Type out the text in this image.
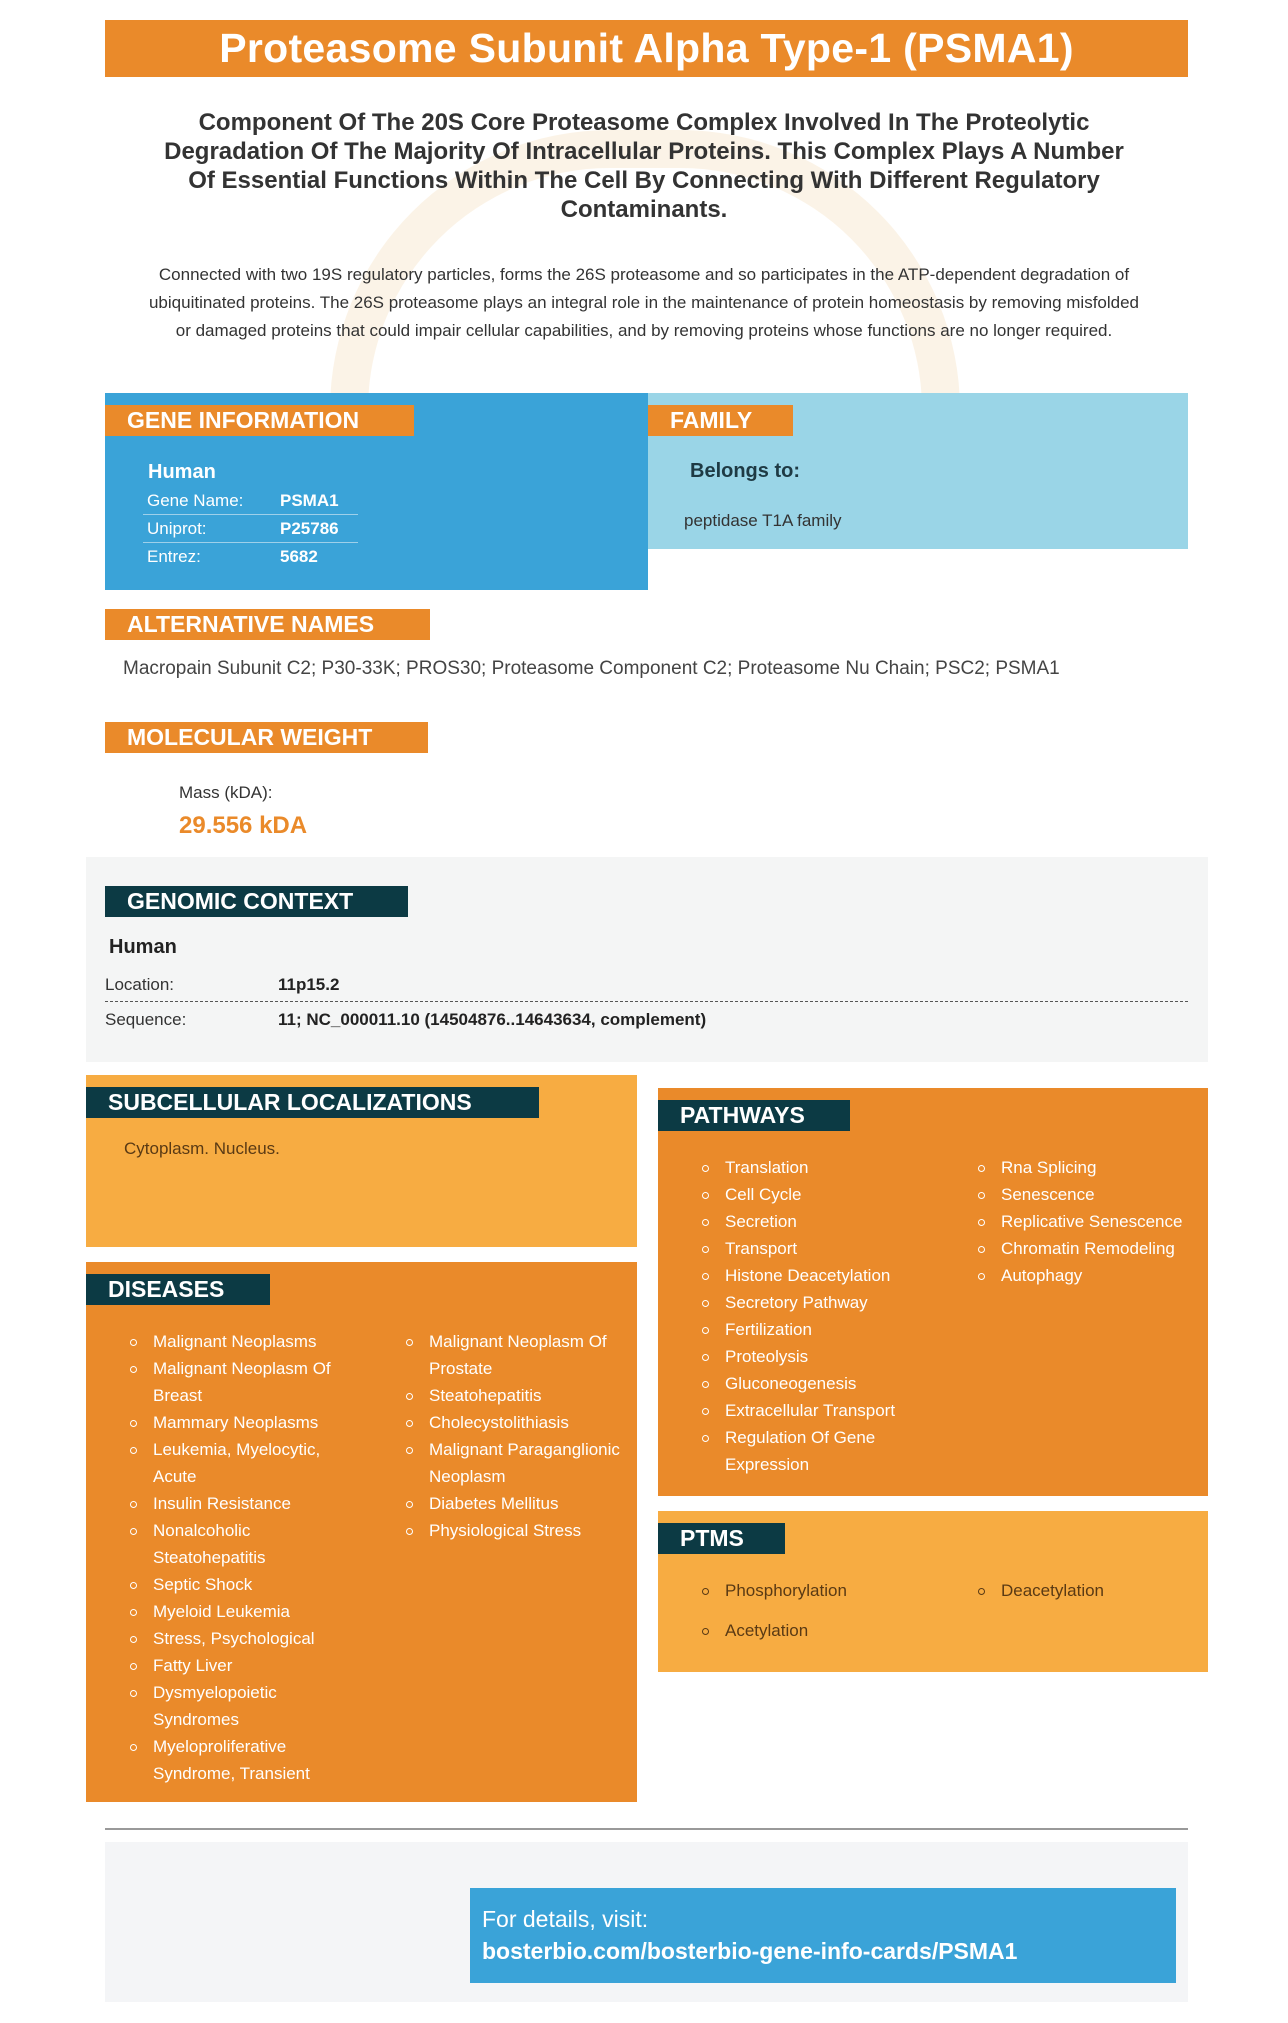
Proteasome Subunit Alpha Type-1 (PSMA1)
Component Of The 20S Core Proteasome Complex Involved In The Proteolytic Degradation Of The Majority Of Intracellular Proteins. This Complex Plays A Number Of Essential Functions Within The Cell By Connecting With Different Regulatory Contaminants.
Connected with two 19S regulatory particles, forms the 26S proteasome and so participates in the ATP-dependent degradation of ubiquitinated proteins. The 26S proteasome plays an integral role in the maintenance of protein homeostasis by removing misfolded or damaged proteins that could impair cellular capabilities, and by removing proteins whose functions are no longer required.
GENE INFORMATION
Human
Gene Name: PSMA1
Uniprot:	P25786
Entrez:	5682
FAMILY
Belongs to:
peptidase T1A family
ALTERNATIVE NAMES
Macropain Subunit C2; P30-33K; PROS30; Proteasome Component C2; Proteasome Nu Chain; PSC2; PSMA1
MOLECULAR WEIGHT
Mass (kDA):
29.556 kDA
GENOMIC CONTEXT
Human
Location:	11p15.2
Sequence:	11; NC_000011.10 (14504876..14643634, complement)
SUBCELLULAR LOCALIZATIONS
Cytoplasm. Nucleus.
DISEASES
Malignant Neoplasms
Malignant Neoplasm Of Breast
Mammary Neoplasms
Leukemia, Myelocytic, Acute
Insulin Resistance
Nonalcoholic Steatohepatitis
Septic Shock
Myeloid Leukemia
Stress, Psychological
Fatty Liver
Dysmyelopoietic Syndromes
Myeloproliferative Syndrome, Transient
Malignant Neoplasm Of Prostate
Steatohepatitis
Cholecystolithiasis
Malignant Paraganglionic Neoplasm
Diabetes Mellitus
Physiological Stress
PATHWAYS
Translation
Cell Cycle
Secretion
Transport
Histone Deacetylation
Secretory Pathway
Fertilization
Proteolysis
Gluconeogenesis
Extracellular Transport
Regulation Of Gene Expression
Rna Splicing
Senescence
Replicative Senescence
Chromatin Remodeling
Autophagy
PTMS
Phosphorylation
Acetylation
Deacetylation
For details, visit:
bosterbio.com/bosterbio-gene-info-cards/PSMA1
